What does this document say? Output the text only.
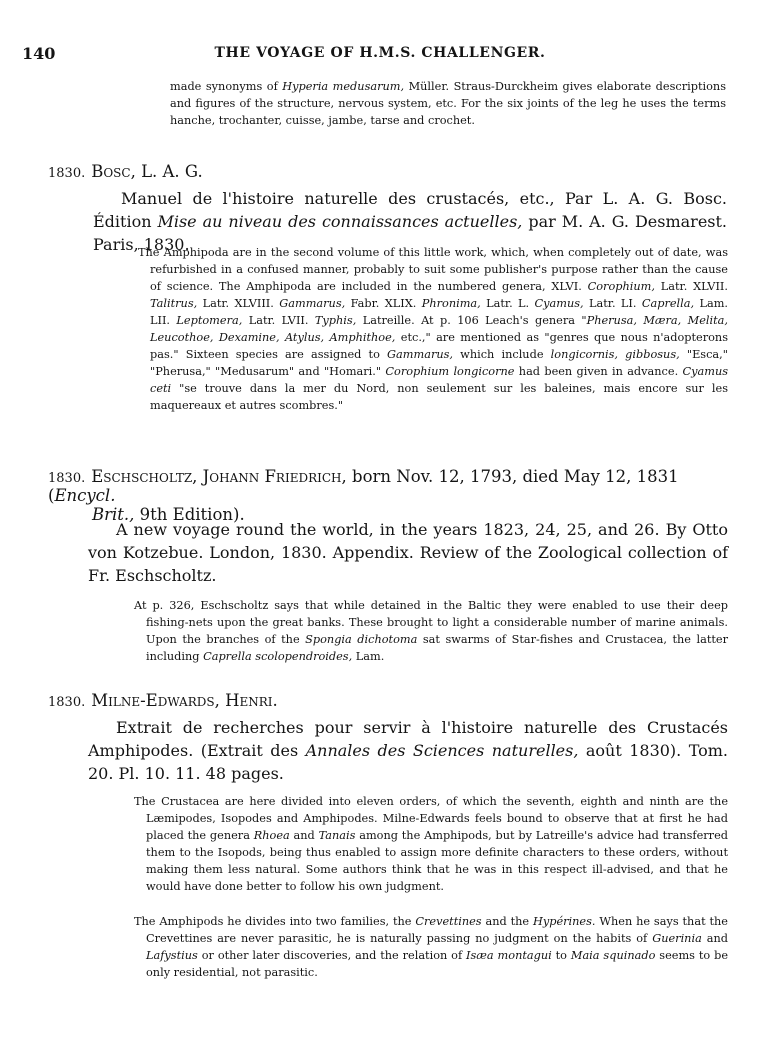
140	THE VOYAGE OF H.M.S. CHALLENGER.
made synonyms of Hyperia medusarum, Müller. Straus-Durckheim gives elaborate descriptions and figures of the structure, nervous system, etc. For the six joints of the leg he uses the terms hanche, trochanter, cuisse, jambe, tarse and crochet.
1830. Bosc, L. A. G.

Manuel de l'histoire naturelle des crustacés, etc., Par L. A. G. Bosc. Édition Mise au niveau des connaissances actuelles, par M. A. G. Desmarest. Paris, 1830.

The Amphipoda are in the second volume of this little work, which, when completely out of date, was refurbished in a confused manner, probably to suit some publisher's purpose rather than the cause of science. The Amphipoda are included in the numbered genera, XLVI. Corophium, Latr. XLVII. Talitrus, Latr. XLVIII. Gammarus, Fabr. XLIX. Phronima, Latr. L. Cyamus, Latr. LI. Caprella, Lam. LII. Leptomera, Latr. LVII. Typhis, Latreille. At p. 106 Leach's genera "Pherusa, Mæra, Melita, Leucothoe, Dexamine, Atylus, Amphithoe, etc.," are mentioned as "genres que nous n'adopterons pas." Sixteen species are assigned to Gammarus, which include longicornis, gibbosus, "Esca," "Pherusa," "Medusarum" and "Homari." Corophium longicorne had been given in advance. Cyamus ceti "se trouve dans la mer du Nord, non seulement sur les baleines, mais encore sur les maquereaux et autres scombres."

1830. Eschscholtz, Johann Friedrich, born Nov. 12, 1793, died May 12, 1831 (Encycl.
Brit., 9th Edition).

A new voyage round the world, in the years 1823, 24, 25, and 26. By Otto von Kotzebue. London, 1830. Appendix. Review of the Zoological collection of Fr. Eschscholtz.

At p. 326, Eschscholtz says that while detained in the Baltic they were enabled to use their deep fishing-nets upon the great banks. These brought to light a considerable number of marine animals. Upon the branches of the Spongia dichotoma sat swarms of Star-fishes and Crustacea, the latter including Caprella scolopendroides, Lam.

1830. Milne-Edwards, Henri.

Extrait de recherches pour servir à l'histoire naturelle des Crustacés Amphipodes. (Extrait des Annales des Sciences naturelles, août 1830). Tom. 20. Pl. 10. 11. 48 pages.

The Crustacea are here divided into eleven orders, of which the seventh, eighth and ninth are the Læmipodes, Isopodes and Amphipodes. Milne-Edwards feels bound to observe that at first he had placed the genera Rhoea and Tanais among the Amphipods, but by Latreille's advice had transferred them to the Isopods, being thus enabled to assign more definite characters to these orders, without making them less natural. Some authors think that he was in this respect ill-advised, and that he would have done better to follow his own judgment.

The Amphipods he divides into two families, the Crevettines and the Hypérines. When he says that the Crevettines are never parasitic, he is naturally passing no judgment on the habits of Guerinia and Lafystius or other later discoveries, and the relation of Isæa montagui to Maia squinado seems to be only residential, not parasitic.
